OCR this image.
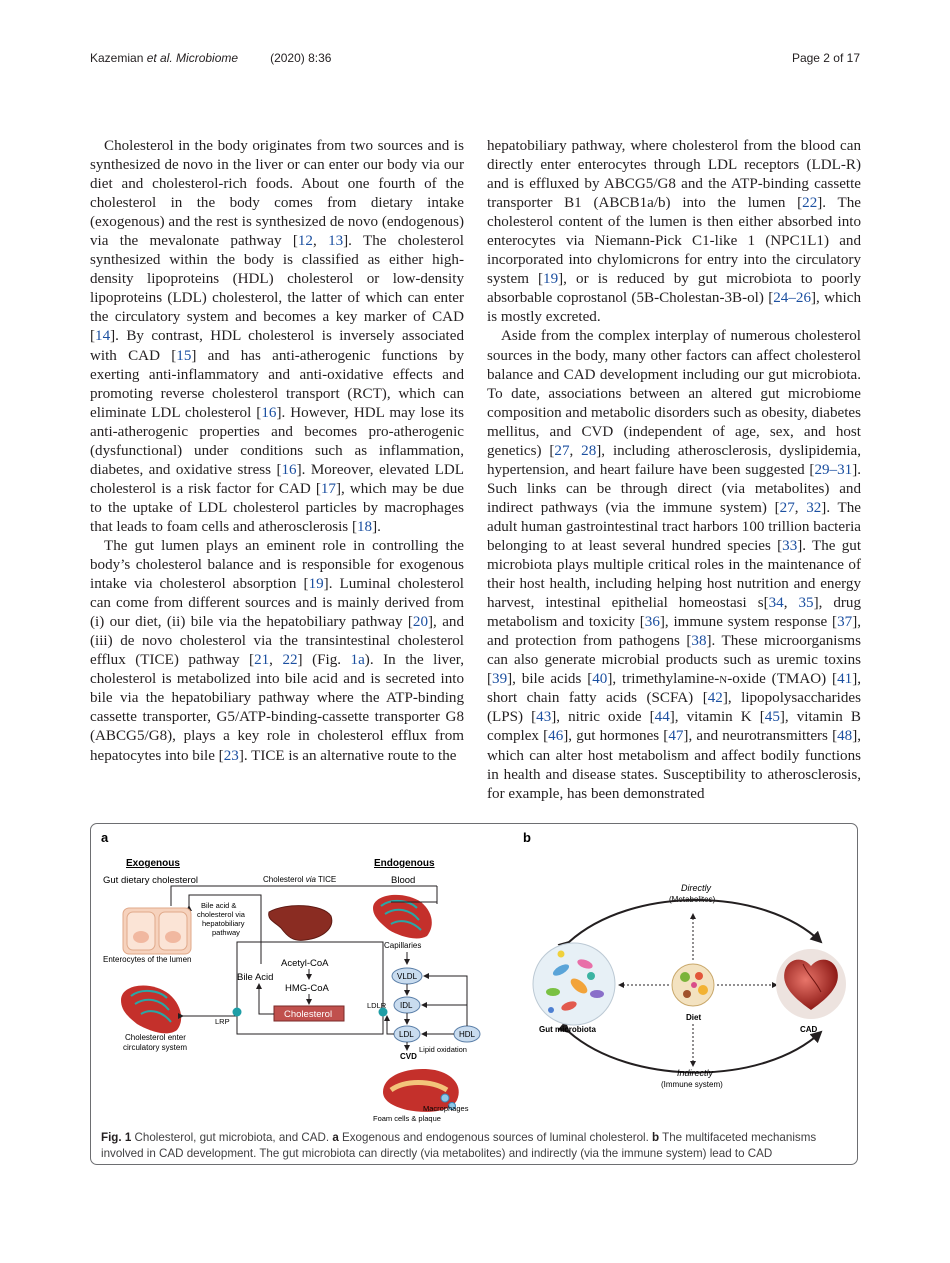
Kazemian et al. Microbiome	(2020) 8:36	Page 2 of 17

Cholesterol in the body originates from two sources and is synthesized de novo in the liver or can enter our body via our diet and cholesterol-rich foods. About one fourth of the cholesterol in the body comes from dietary intake (exogenous) and the rest is synthesized de novo (endogenous) via the mevalonate pathway [12, 13]. The cholesterol synthesized within the body is classified as either high-density lipoproteins (HDL) cholesterol or low-density lipoproteins (LDL) cholesterol, the latter of which can enter the circulatory system and becomes a key marker of CAD [14]. By contrast, HDL cholesterol is inversely associated with CAD [15] and has anti-atherogenic functions by exerting anti-inflammatory and anti-oxidative effects and promoting reverse cholesterol transport (RCT), which can eliminate LDL cholesterol [16]. However, HDL may lose its anti-atherogenic properties and becomes pro-atherogenic (dysfunctional) under conditions such as inflammation, diabetes, and oxidative stress [16]. Moreover, elevated LDL cholesterol is a risk factor for CAD [17], which may be due to the uptake of LDL cholesterol particles by macrophages that leads to foam cells and atherosclerosis [18].

The gut lumen plays an eminent role in controlling the body’s cholesterol balance and is responsible for exogenous intake via cholesterol absorption [19]. Luminal cholesterol can come from different sources and is mainly derived from (i) our diet, (ii) bile via the hepatobiliary pathway [20], and (iii) de novo cholesterol via the transintestinal cholesterol efflux (TICE) pathway [21, 22] (Fig. 1a). In the liver, cholesterol is metabolized into bile acid and is secreted into bile via the hepatobiliary pathway where the ATP-binding cassette transporter, G5/ATP-binding-cassette transporter G8 (ABCG5/G8), plays a key role in cholesterol efflux from hepatocytes into bile [23]. TICE is an alternative route to the

hepatobiliary pathway, where cholesterol from the blood can directly enter enterocytes through LDL receptors (LDL-R) and is effluxed by ABCG5/G8 and the ATP-binding cassette transporter B1 (ABCB1a/b) into the lumen [22]. The cholesterol content of the lumen is then either absorbed into enterocytes via Niemann-Pick C1-like 1 (NPC1L1) and incorporated into chylomicrons for entry into the circulatory system [19], or is reduced by gut microbiota to poorly absorbable coprostanol (5B-Cholestan-3B-ol) [24–26], which is mostly excreted.

Aside from the complex interplay of numerous cholesterol sources in the body, many other factors can affect cholesterol balance and CAD development including our gut microbiota. To date, associations between an altered gut microbiome composition and metabolic disorders such as obesity, diabetes mellitus, and CVD (independent of age, sex, and host genetics) [27, 28], including atherosclerosis, dyslipidemia, hypertension, and heart failure have been suggested [29–31]. Such links can be through direct (via metabolites) and indirect pathways (via the immune system) [27, 32]. The adult human gastrointestinal tract harbors 100 trillion bacteria belonging to at least several hundred species [33]. The gut microbiota plays multiple critical roles in the maintenance of their host health, including helping host nutrition and energy harvest, intestinal epithelial homeostasi s[34, 35], drug metabolism and toxicity [36], immune system response [37], and protection from pathogens [38]. These microorganisms can also generate microbial products such as uremic toxins [39], bile acids [40], trimethylamine-n-oxide (TMAO) [41], short chain fatty acids (SCFA) [42], lipopolysaccharides (LPS) [43], nitric oxide [44], vitamin K [45], vitamin B complex [46], gut hormones [47], and neurotransmitters [48], which can alter host metabolism and affect bodily functions in health and disease states. Susceptibility to atherosclerosis, for example, has been demonstrated

a
Exogenous	Endogenous
Gut dietary cholesterol	Cholesterol via TICE	Blood
Bile acid &
cholesterol via
hepatobiliary
pathway
Enterocytes of the lumen
Cholesterol enter
circulatory system
Acetyl-CoA
Bile Acid
HMG-CoA
Cholesterol
LRP
LDLR
Capillaries
VLDL
IDL
LDL	HDL
Lipid oxidation
CVD
Macrophages
Foam cells & plaque
b
Directly
(Metabolites)
Indirectly
(Immune system)
Gut microbiota
Diet
CAD
Fig. 1 Cholesterol, gut microbiota, and CAD. a Exogenous and endogenous sources of luminal cholesterol. b The multifaceted mechanisms involved in CAD development. The gut microbiota can directly (via metabolites) and indirectly (via the immune system) lead to CAD
